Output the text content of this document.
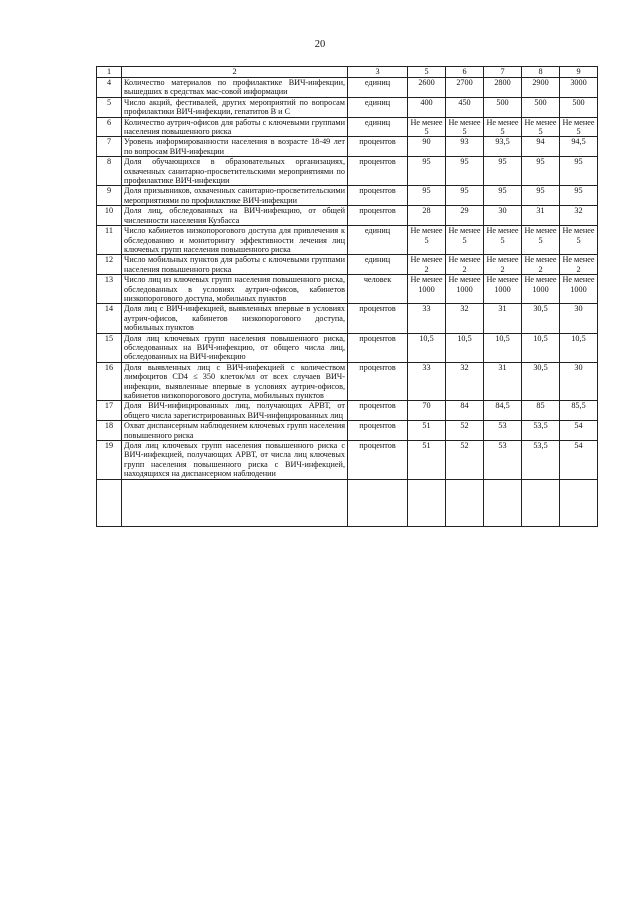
20
1	2	3	5	6	7	8	9
4	Количество материалов по профилактике ВИЧ-инфекции, вышедших в средствах мас-совой информации	единиц	2600	2700	2800	2900	3000
5	Число акций, фестивалей, других мероприятий по вопросам профилактики ВИЧ-инфекции, гепатитов В и С	единиц	400	450	500	500	500
6	Количество аутрич-офисов для работы с ключевыми группами населения повышенного риска	единиц	Не менее 5	Не менее 5	Не менее 5	Не менее 5	Не менее 5
7	Уровень информированности населения в возрасте 18-49 лет по вопросам ВИЧ-инфекции	процентов	90	93	93,5	94	94,5
8	Доля обучающихся в образовательных организациях, охваченных санитарно-просветительскими мероприятиями по профилактике ВИЧ-инфекции	процентов	95	95	95	95	95
9	Доля призывников, охваченных санитарно-просветительскими мероприятиями по профилактике ВИЧ-инфекции	процентов	95	95	95	95	95
10	Доля лиц, обследованных на ВИЧ-инфекцию, от общей численности населения Кузбасса	процентов	28	29	30	31	32
11	Число кабинетов низкопорогового доступа для привлечения к обследованию и мониторингу эффективности лечения лиц ключевых групп населения повышенного риска	единиц	Не менее 5	Не менее 5	Не менее 5	Не менее 5	Не менее 5
12	Число мобильных пунктов для работы с ключевыми группами населения повышенного риска	единиц	Не менее 2	Не менее 2	Не менее 2	Не менее 2	Не менее 2
13	Число лиц из ключевых групп населения повышенного риска, обследованных в условиях аутрич-офисов, кабинетов низкопорогового доступа, мобильных пунктов	человек	Не менее 1000	Не менее 1000	Не менее 1000	Не менее 1000	Не менее 1000
14	Доля лиц с ВИЧ-инфекцией, выявленных впервые в условиях аутрич-офисов, кабинетов низкопорогового доступа, мобильных пунктов	процентов	33	32	31	30,5	30
15	Доля лиц ключевых групп населения повышенного риска, обследованных на ВИЧ-инфекцию, от общего числа лиц, обследованных на ВИЧ-инфекцию	процентов	10,5	10,5	10,5	10,5	10,5
16	Доля выявленных лиц с ВИЧ-инфекцией с количеством лимфоцитов CD4 ≤ 350 клеток/мл от всех случаев ВИЧ-инфекции, выявленные впервые в условиях аутрич-офисов, кабинетов низкопорогового доступа, мобильных пунктов	процентов	33	32	31	30,5	30
17	Доля ВИЧ-инфицированных лиц, получающих АРВТ, от общего числа зарегистрированных ВИЧ-инфицированных лиц	процентов	70	84	84,5	85	85,5
18	Охват диспансерным наблюдением ключевых групп населения повышенного риска	процентов	51	52	53	53,5	54
19	Доля лиц ключевых групп населения повышенного риска с ВИЧ-инфекцией, получающих АРВТ, от числа лиц ключевых групп населения повышенного риска с ВИЧ-инфекцией, находящихся на диспансерном наблюдении	процентов	51	52	53	53,5	54
